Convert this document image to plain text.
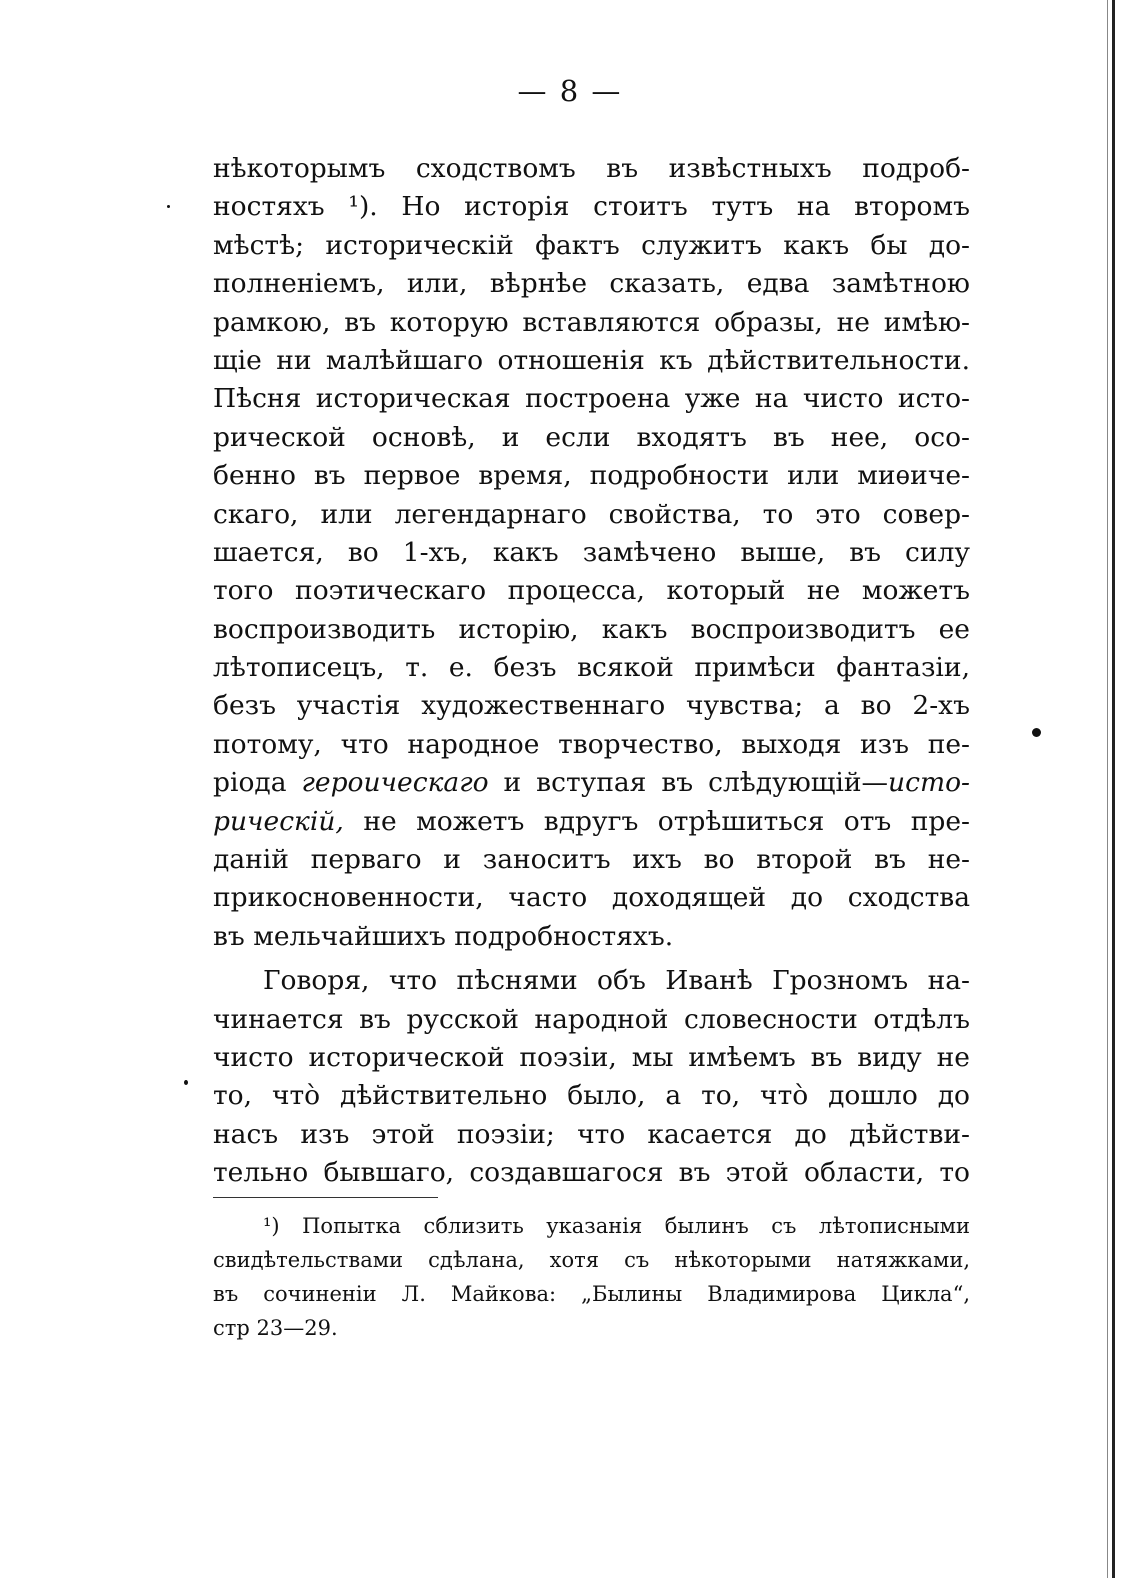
— 8 —
нѣкоторымъ сходствомъ въ извѣстныхъ подроб-
ностяхъ ¹). Но исторія стоитъ тутъ на второмъ
мѣстѣ; историческій фактъ служитъ какъ бы до-
полненіемъ, или, вѣрнѣе сказать, едва замѣтною
рамкою, въ которую вставляются образы, не имѣю-
щіе ни малѣйшаго отношенія къ дѣйствительности.
Пѣсня историческая построена уже на чисто исто-
рической основѣ, и если входятъ въ нее, осо-
бенно въ первое время, подробности или миѳиче-
скаго, или легендарнаго свойства, то это совер-
шается, во 1-хъ, какъ замѣчено выше, въ силу
того поэтическаго процесса, который не можетъ
воспроизводить исторію, какъ воспроизводитъ ее
лѣтописецъ, т. е. безъ всякой примѣси фантазіи,
безъ участія художественнаго чувства; а во 2-хъ
потому, что народное творчество, выходя изъ пе-
ріода героическаго и вступая въ слѣдующій—исто-
рическій, не можетъ вдругъ отрѣшиться отъ пре-
даній перваго и заноситъ ихъ во второй въ не-
прикосновенности, часто доходящей до сходства
въ мельчайшихъ подробностяхъ.
Говоря, что пѣснями объ Иванѣ Грозномъ на-
чинается въ русской народной словесности отдѣлъ
чисто исторической поэзіи, мы имѣемъ въ виду не
то, что̀ дѣйствительно было, а то, что̀ дошло до
насъ изъ этой поэзіи; что касается до дѣйстви-
тельно бывшаго, создавшагося въ этой области, то
¹) Попытка сблизить указанія былинъ съ лѣтописными
свидѣтельствами сдѣлана, хотя съ нѣкоторыми натяжками,
въ сочиненіи Л. Майкова: „Былины Владимирова Цикла“,
стр 23—29.
